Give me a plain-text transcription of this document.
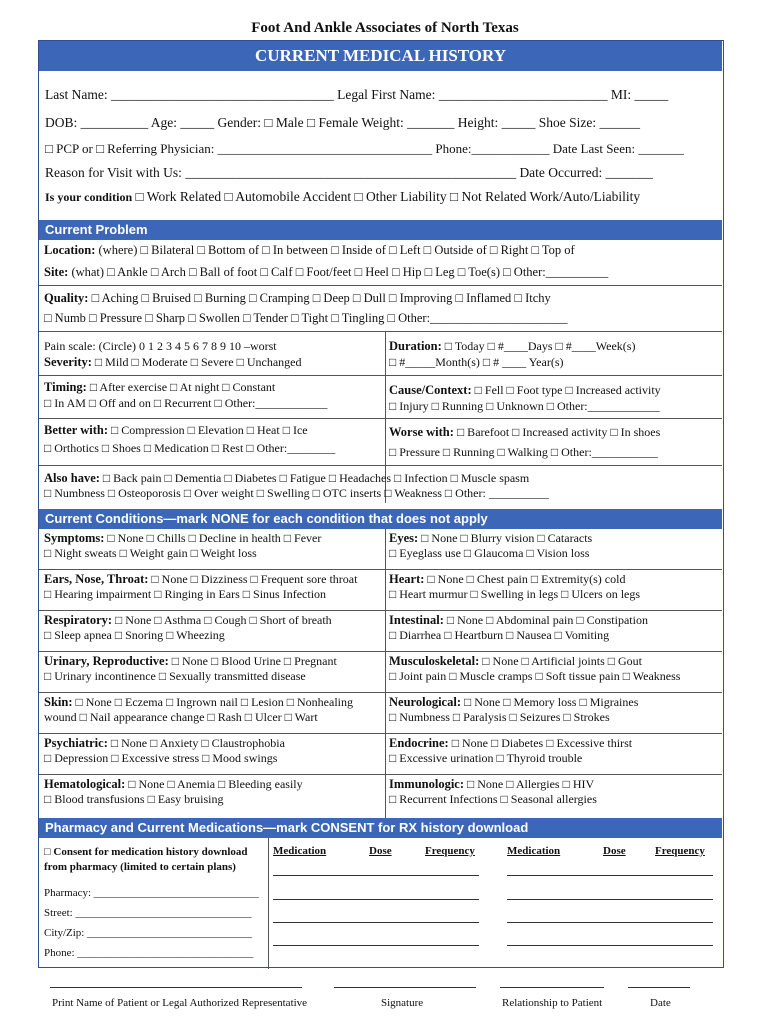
Foot And Ankle Associates of North Texas
CURRENT MEDICAL HISTORY
Last Name: _________________________________ Legal First Name: _________________________ MI: _____
DOB: __________ Age: _____ Gender: □ Male □ Female Weight: _______ Height: _____ Shoe Size: ______
□ PCP or □ Referring Physician: _________________________________ Phone:____________ Date Last Seen: _______
Reason for Visit with Us: _________________________________________________ Date Occurred: _______
Is your condition □ Work Related □ Automobile Accident □ Other Liability □ Not Related Work/Auto/Liability
Current Problem
Location: (where) □ Bilateral □ Bottom of □ In between □ Inside of □ Left □ Outside of □ Right □ Top of
Site: (what) □ Ankle □ Arch □ Ball of foot □ Calf □ Foot/feet □ Heel □ Hip □ Leg □ Toe(s) □ Other:__________
Quality: □ Aching □ Bruised □ Burning □ Cramping □ Deep □ Dull □ Improving □ Inflamed □ Itchy
□ Numb □ Pressure □ Sharp □ Swollen □ Tender □ Tight □ Tingling □ Other:______________________
Pain scale: (Circle) 0 1 2 3 4 5 6 7 8 9 10 –worst
Severity: □ Mild □ Moderate □ Severe □ Unchanged
Duration: □ Today □ #____Days □ #____Week(s)
□ #_____Month(s) □ # ____ Year(s)
Timing: □ After exercise □ At night □ Constant
□ In AM □ Off and on □ Recurrent □ Other:____________
Cause/Context: □ Fell □ Foot type □ Increased activity
□ Injury □ Running □ Unknown □ Other:____________
Better with: □ Compression □ Elevation □ Heat □ Ice
□ Orthotics □ Shoes □ Medication □ Rest □ Other:________
Worse with: □ Barefoot □ Increased activity □ In shoes
□ Pressure □ Running □ Walking □ Other:___________
Also have: □ Back pain □ Dementia □ Diabetes □ Fatigue □ Headaches □ Infection □ Muscle spasm
□ Numbness □ Osteoporosis □ Over weight □ Swelling □ OTC inserts □ Weakness □ Other: __________
Current Conditions—mark NONE for each condition that does not apply
Symptoms: □ None □ Chills □ Decline in health □ Fever
□ Night sweats □ Weight gain □ Weight loss
Ears, Nose, Throat: □ None □ Dizziness □ Frequent sore throat
□ Hearing impairment □ Ringing in Ears □ Sinus Infection
Respiratory: □ None □ Asthma □ Cough □ Short of breath
□ Sleep apnea □ Snoring □ Wheezing
Urinary, Reproductive: □ None □ Blood Urine □ Pregnant
□ Urinary incontinence □ Sexually transmitted disease
Skin: □ None □ Eczema □ Ingrown nail □ Lesion □ Nonhealing
wound □ Nail appearance change □ Rash □ Ulcer □ Wart
Psychiatric: □ None □ Anxiety □ Claustrophobia
□ Depression □ Excessive stress □ Mood swings
Hematological: □ None □ Anemia □ Bleeding easily
□ Blood transfusions □ Easy bruising
Eyes: □ None □ Blurry vision □ Cataracts
□ Eyeglass use □ Glaucoma □ Vision loss
Heart: □ None □ Chest pain □ Extremity(s) cold
□ Heart murmur □ Swelling in legs □ Ulcers on legs
Intestinal: □ None □ Abdominal pain □ Constipation
□ Diarrhea □ Heartburn □ Nausea □ Vomiting
Musculoskeletal: □ None □ Artificial joints □ Gout
□ Joint pain □ Muscle cramps □ Soft tissue pain □ Weakness
Neurological: □ None □ Memory loss □ Migraines
□ Numbness □ Paralysis □ Seizures □ Strokes
Endocrine: □ None □ Diabetes □ Excessive thirst
□ Excessive urination □ Thyroid trouble
Immunologic: □ None □ Allergies □ HIV
□ Recurrent Infections □ Seasonal allergies
Pharmacy and Current Medications—mark CONSENT for RX history download
□ Consent for medication history download
from pharmacy (limited to certain plans)
Pharmacy: ______________________________
Street: ________________________________
City/Zip: ______________________________
Phone: ________________________________
Medication	Dose	Frequency	Medication	Dose	Frequency
Print Name of Patient or Legal Authorized Representative	Signature	Relationship to Patient	Date
